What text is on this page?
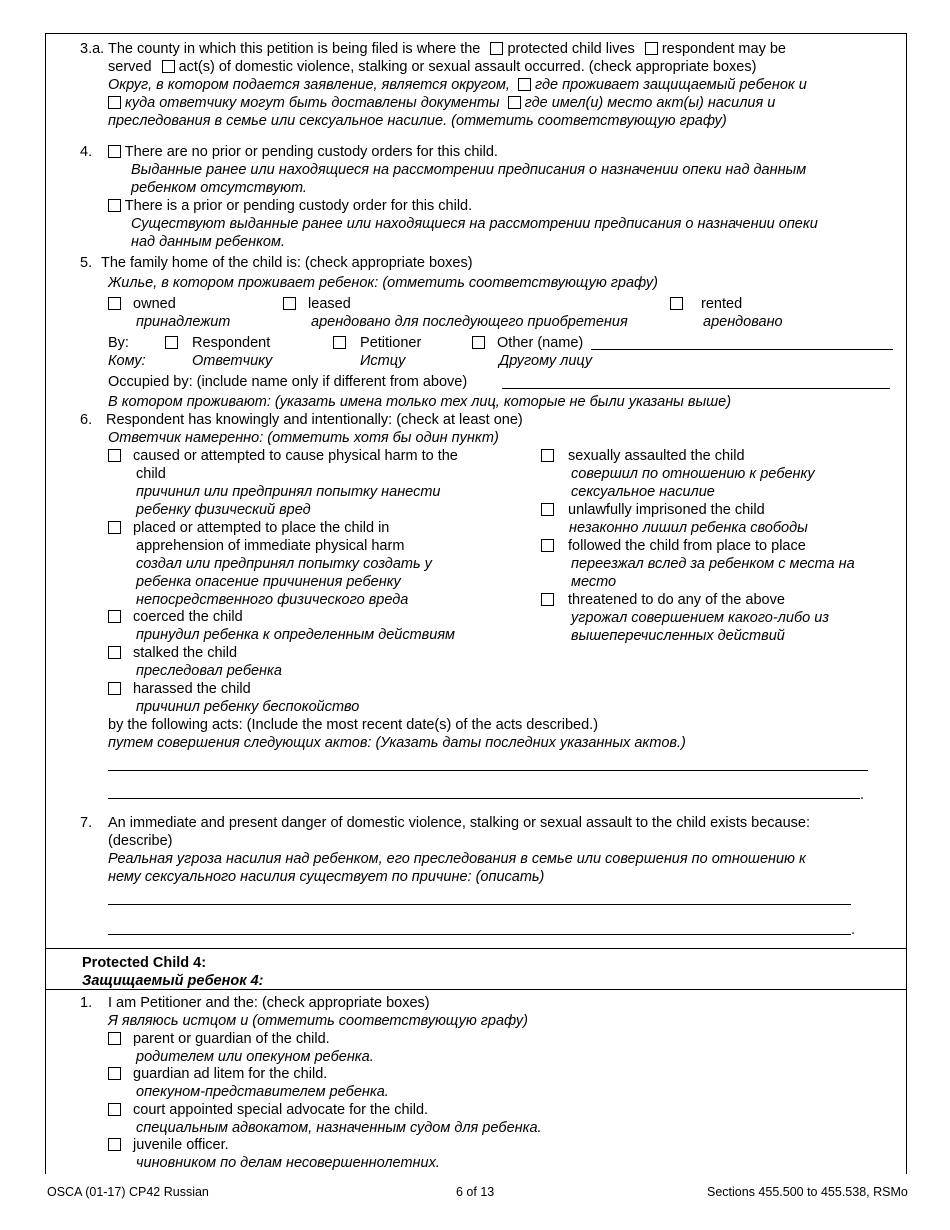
3.a. The county in which this petition is being filed is where the protected child lives respondent may be
served act(s) of domestic violence, stalking or sexual assault occurred. (check appropriate boxes)
Округ, в котором подается заявление, является округом, где проживает защищаемый ребенок и
куда ответчику могут быть доставлены документы где имел(и) место акт(ы) насилия и
преследования в семье или сексуальное насилие. (отметить соответствующую графу)
4.	There are no prior or pending custody orders for this child.
Выданные ранее или находящиеся на рассмотрении предписания о назначении опеки над данным
ребенком отсутствуют.
There is a prior or pending custody order for this child.
Существуют выданные ранее или находящиеся на рассмотрении предписания о назначении опеки
над данным ребенком.
5. The family home of the child is: (check appropriate boxes)
Жилье, в котором проживает ребенок: (отметить соответствующую графу)
owned
принадлежит
leased
арендовано для последующего приобретения
rented
арендовано
By:
Кому:
Respondent
Ответчику
Petitioner
Истцу
Other (name)
Другому лицу
Occupied by: (include name only if different from above)
В котором проживают: (указать имена только тех лиц, которые не были указаны выше)
6. Respondent has knowingly and intentionally: (check at least one)
Ответчик намеренно: (отметить хотя бы один пункт)
caused or attempted to cause physical harm to the
child
причинил или предпринял попытку нанести
ребенку физический вред
placed or attempted to place the child in
apprehension of immediate physical harm
создал или предпринял попытку создать у
ребенка опасение причинения ребенку
непосредственного физического вреда
coerced the child
принудил ребенка к определенным действиям
stalked the child
преследовал ребенка
harassed the child
причинил ребенку беспокойство
sexually assaulted the child
совершил по отношению к ребенку
сексуальное насилие
unlawfully imprisoned the child
незаконно лишил ребенка свободы
followed the child from place to place
переезжал вслед за ребенком с места на
место
threatened to do any of the above
угрожал совершением какого-либо из
вышеперечисленных действий
by the following acts: (Include the most recent date(s) of the acts described.)
путем совершения следующих актов: (Указать даты последних указанных актов.)
.
7. An immediate and present danger of domestic violence, stalking or sexual assault to the child exists because:
(describe)
Реальная угроза насилия над ребенком, его преследования в семье или совершения по отношению к
нему сексуального насилия существует по причине: (описать)
.
Protected Child 4:
Защищаемый ребенок 4:
1. I am Petitioner and the: (check appropriate boxes)
Я являюсь истцом и (отметить соответствующую графу)
parent or guardian of the child.
родителем или опекуном ребенка.
guardian ad litem for the child.
опекуном-представителем ребенка.
court appointed special advocate for the child.
специальным адвокатом, назначенным судом для ребенка.
juvenile officer.
чиновником по делам несовершеннолетних.
OSCA (01-17) CP42 Russian	6 of 13	Sections 455.500 to 455.538, RSMo
